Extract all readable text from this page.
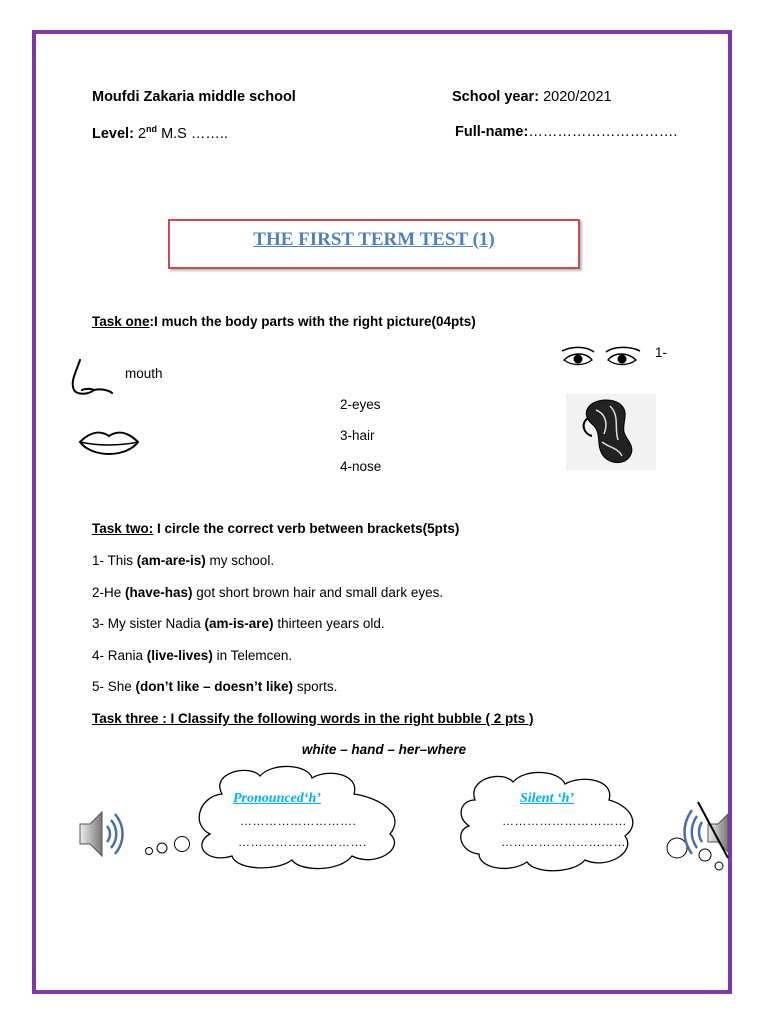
Moufdi Zakaria middle school	School year: 2020/2021
Level: 2nd M.S ……..	Full-name:………………………….
THE FIRST TERM TEST (1)
Task one:I much the body parts with the right picture(04pts)
mouth
2-eyes
3-hair
4-nose
1-
Task two: I circle the correct verb between brackets(5pts)
1- This (am-are-is) my school.
2-He (have-has) got short brown hair and small dark eyes.
3- My sister Nadia (am-is-are) thirteen years old.
4- Rania (live-lives) in Telemcen.
5- She (don’t like – doesn’t like) sports.
Task three : I Classify the following words in the right bubble ( 2 pts )
white – hand – her–where
Pronounced‘h’
……………………….
………………………….
Silent ‘h’
…………………………
…………………………
